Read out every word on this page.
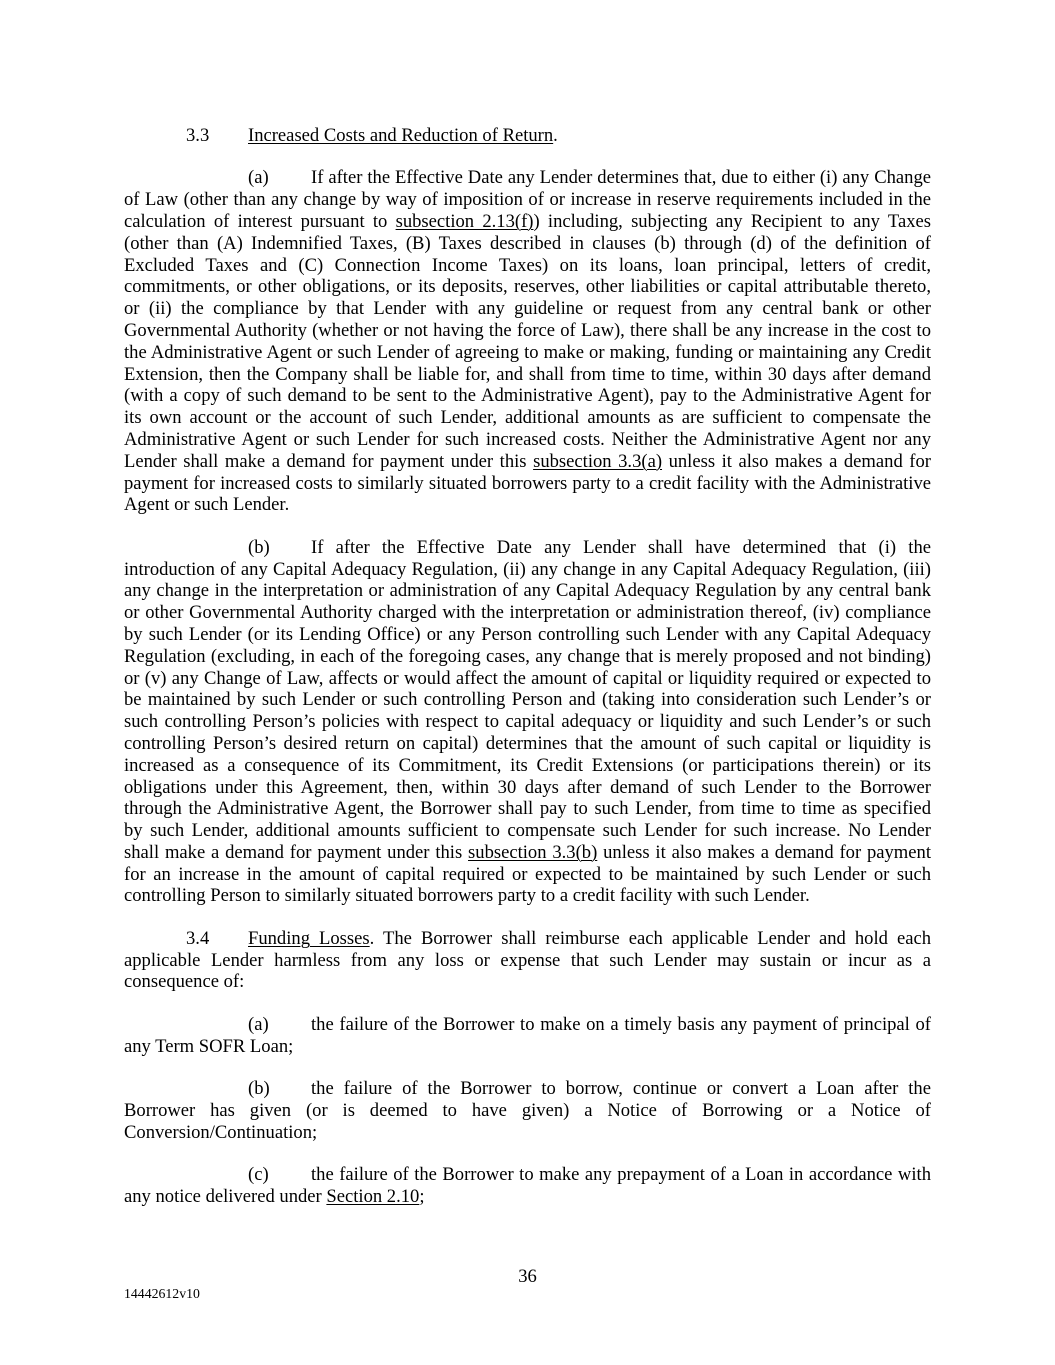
3.3	Increased Costs and Reduction of Return.
(a)	If after the Effective Date any Lender determines that, due to either (i) any Change
of Law (other than any change by way of imposition of or increase in reserve requirements included in the
calculation of interest pursuant to subsection 2.13(f)) including, subjecting any Recipient to any Taxes
(other than (A) Indemnified Taxes, (B) Taxes described in clauses (b) through (d) of the definition of
Excluded Taxes and (C) Connection Income Taxes) on its loans, loan principal, letters of credit,
commitments, or other obligations, or its deposits, reserves, other liabilities or capital attributable thereto,
or (ii) the compliance by that Lender with any guideline or request from any central bank or other
Governmental Authority (whether or not having the force of Law), there shall be any increase in the cost to
the Administrative Agent or such Lender of agreeing to make or making, funding or maintaining any Credit
Extension, then the Company shall be liable for, and shall from time to time, within 30 days after demand
(with a copy of such demand to be sent to the Administrative Agent), pay to the Administrative Agent for
its own account or the account of such Lender, additional amounts as are sufficient to compensate the
Administrative Agent or such Lender for such increased costs. Neither the Administrative Agent nor any
Lender shall make a demand for payment under this subsection 3.3(a) unless it also makes a demand for
payment for increased costs to similarly situated borrowers party to a credit facility with the Administrative
Agent or such Lender.
(b)	If after the Effective Date any Lender shall have determined that (i) the
introduction of any Capital Adequacy Regulation, (ii) any change in any Capital Adequacy Regulation, (iii)
any change in the interpretation or administration of any Capital Adequacy Regulation by any central bank
or other Governmental Authority charged with the interpretation or administration thereof, (iv) compliance
by such Lender (or its Lending Office) or any Person controlling such Lender with any Capital Adequacy
Regulation (excluding, in each of the foregoing cases, any change that is merely proposed and not binding)
or (v) any Change of Law, affects or would affect the amount of capital or liquidity required or expected to
be maintained by such Lender or such controlling Person and (taking into consideration such Lender’s or
such controlling Person’s policies with respect to capital adequacy or liquidity and such Lender’s or such
controlling Person’s desired return on capital) determines that the amount of such capital or liquidity is
increased as a consequence of its Commitment, its Credit Extensions (or participations therein) or its
obligations under this Agreement, then, within 30 days after demand of such Lender to the Borrower
through the Administrative Agent, the Borrower shall pay to such Lender, from time to time as specified
by such Lender, additional amounts sufficient to compensate such Lender for such increase. No Lender
shall make a demand for payment under this subsection 3.3(b) unless it also makes a demand for payment
for an increase in the amount of capital required or expected to be maintained by such Lender or such
controlling Person to similarly situated borrowers party to a credit facility with such Lender.
3.4	Funding Losses. The Borrower shall reimburse each applicable Lender and hold each
applicable Lender harmless from any loss or expense that such Lender may sustain or incur as a
consequence of:
(a)	the failure of the Borrower to make on a timely basis any payment of principal of
any Term SOFR Loan;
(b)	the failure of the Borrower to borrow, continue or convert a Loan after the
Borrower has given (or is deemed to have given) a Notice of Borrowing or a Notice of
Conversion/Continuation;
(c)	the failure of the Borrower to make any prepayment of a Loan in accordance with
any notice delivered under Section 2.10;
36
14442612v10
